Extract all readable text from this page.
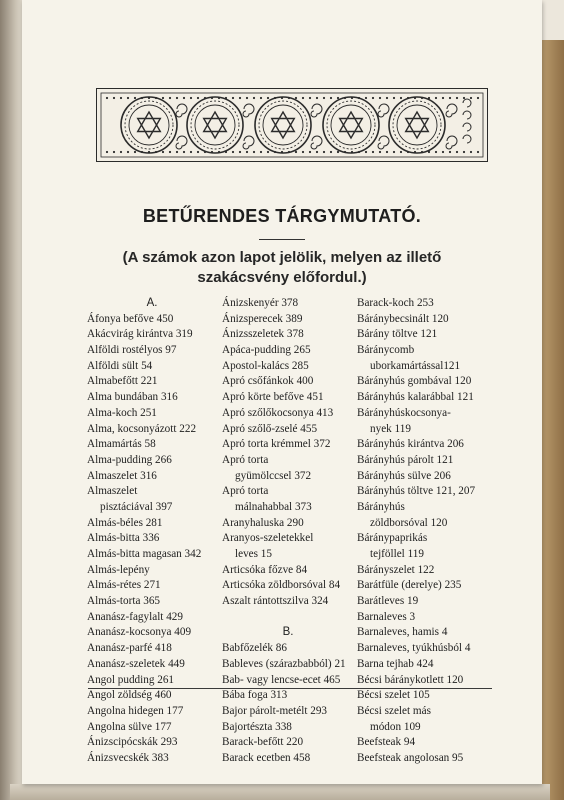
BETŰRENDES TÁRGYMUTATÓ.
(A számok azon lapot jelölik, melyen az illető
szakácsvény előfordul.)
A.
Áfonya befőve 450
Akácvirág kirántva 319
Alföldi rostélyos 97
Alföldi sült 54
Almabefőtt 221
Alma bundában 316
Alma-koch 251
Alma, kocsonyázott 222
Almamártás 58
Alma-pudding 266
Almaszelet 316
Almaszelet
pisztáciával 397
Almás-béles 281
Almás-bitta 336
Almás-bitta magasan 342
Almás-lepény
Almás-rétes 271
Almás-torta 365
Ananász-fagylalt 429
Ananász-kocsonya 409
Ananász-parfé 418
Ananász-szeletek 449
Angol pudding 261
Angol zöldség 460
Angolna hidegen 177
Angolna sülve 177
Ánizscipócskák 293
Ánizsvecskék 383
Ánizskenyér 378
Ánizsperecek 389
Ánizsszeletek 378
Apáca-pudding 265
Apostol-kalács 285
Apró csőfánkok 400
Apró körte befőve 451
Apró szőlőkocsonya 413
Apró szőlő-zselé 455
Apró torta krémmel 372
Apró torta
gyümölccsel 372
Apró torta
málnahabbal 373
Aranyhaluska 290
Aranyos-szeletekkel
leves 15
Articsóka főzve 84
Articsóka zöldborsóval 84
Aszalt rántottszilva 324
B.
Babfőzelék 86
Bableves (szárazbabból) 21
Bab- vagy lencse-ecet 465
Bába foga 313
Bajor párolt-metélt 293
Bajortészta 338
Barack-befőtt 220
Barack ecetben 458
Barack-koch 253
Báránybecsinált 120
Bárány töltve 121
Báránycomb
uborkamártással121
Bárányhús gombával 120
Bárányhús kalarábbal 121
Bárányhúskocsonya-
nyek 119
Bárányhús kirántva 206
Bárányhús párolt 121
Bárányhús sülve 206
Bárányhús töltve 121, 207
Bárányhús
zöldborsóval 120
Báránypaprikás
tejföllel 119
Bárányszelet 122
Barátfüle (derelye) 235
Barátleves 19
Barnaleves 3
Barnaleves, hamis 4
Barnaleves, tyúkhúsból 4
Barna tejhab 424
Bécsi báránykotlett 120
Bécsi szelet 105
Bécsi szelet más
módon 109
Beefsteak 94
Beefsteak angolosan 95
